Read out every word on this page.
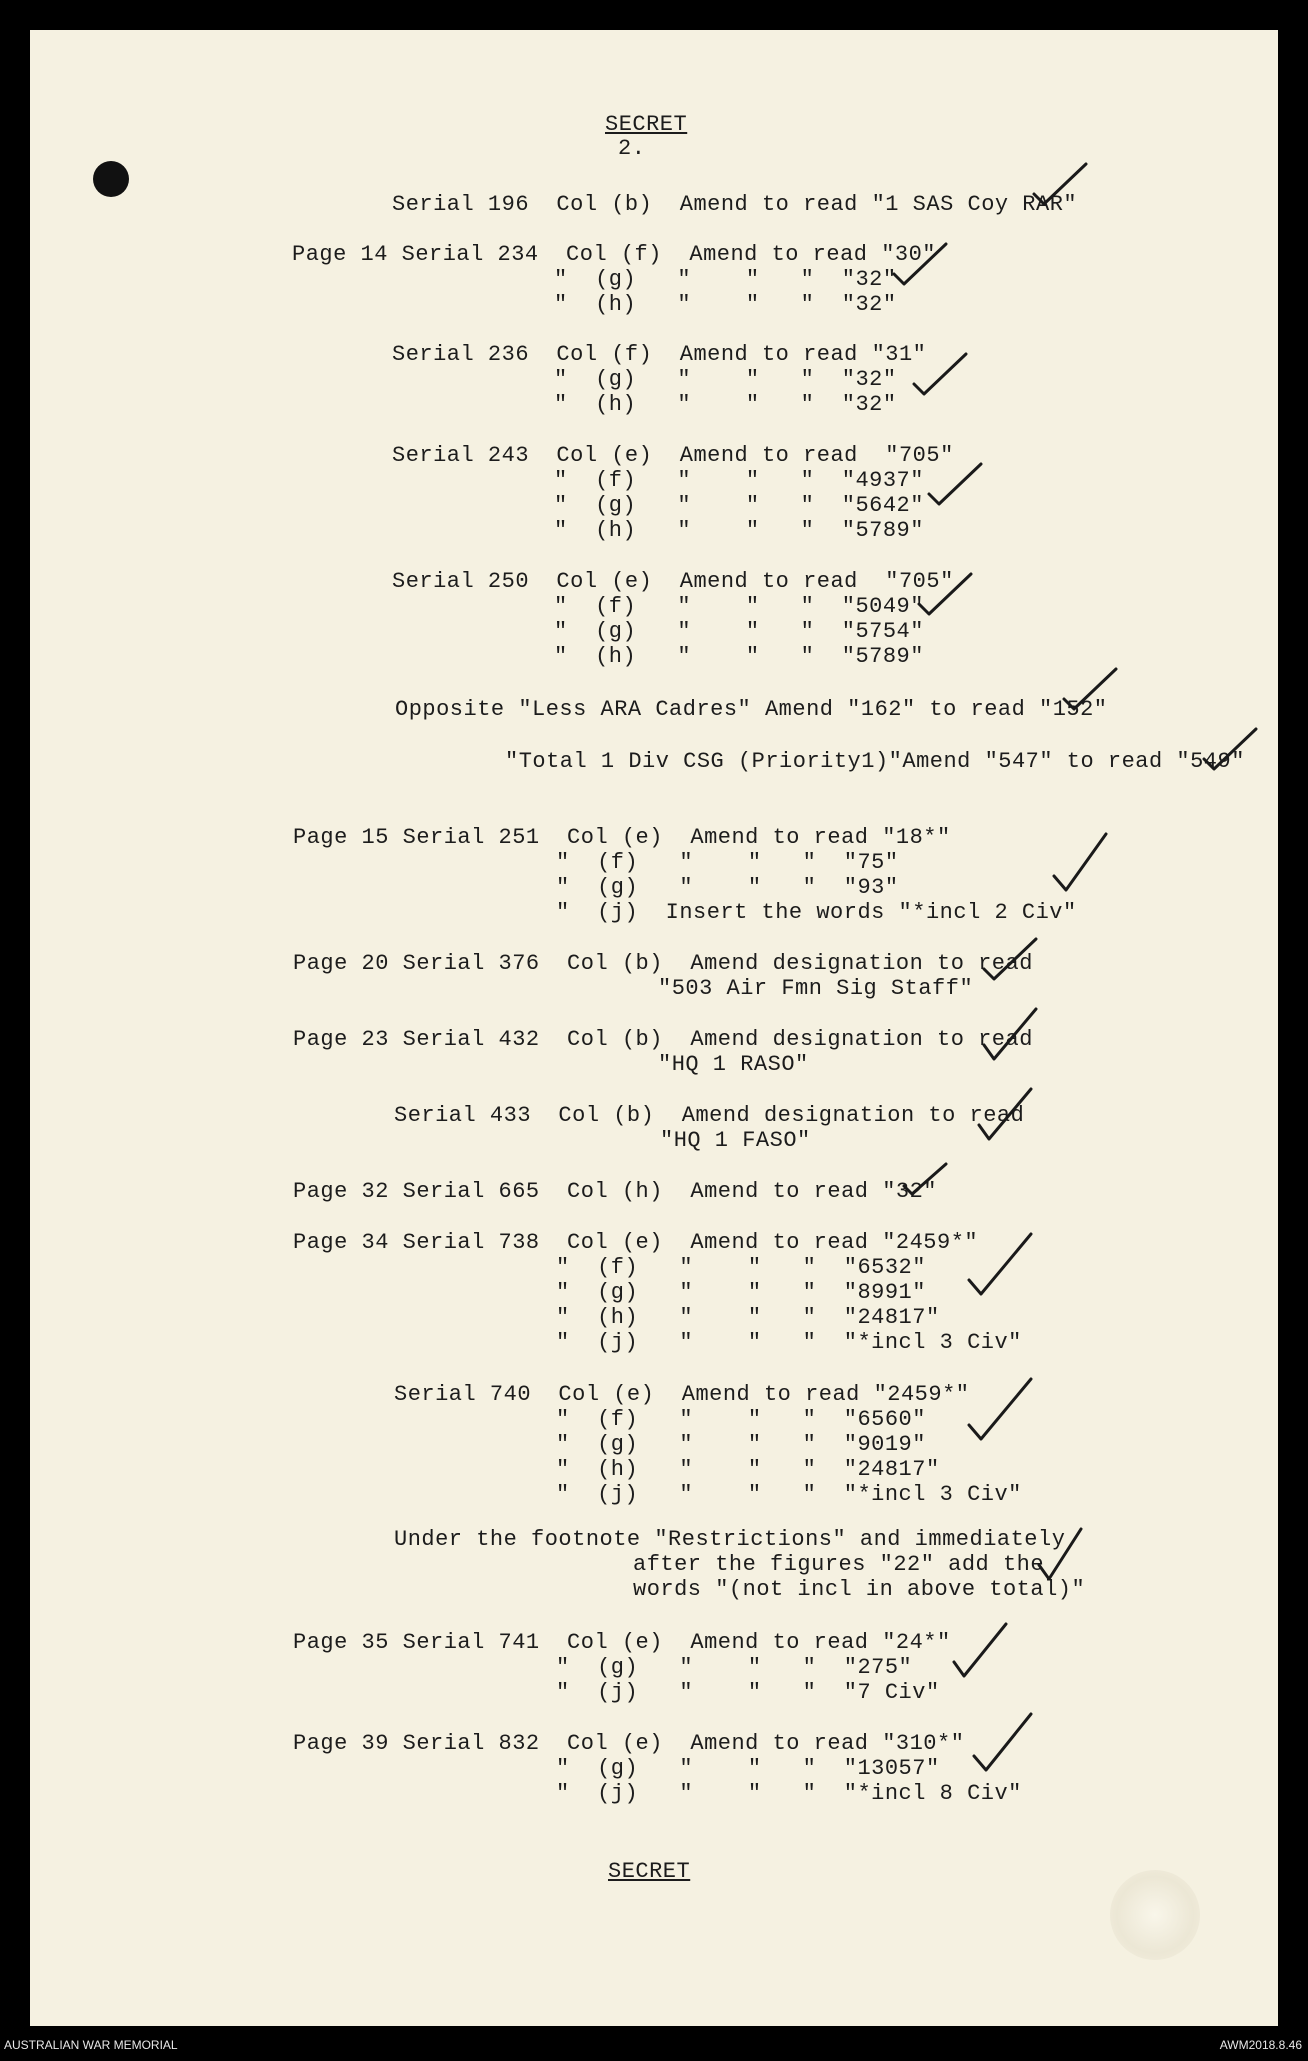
SECRET
2.
Serial 196  Col (b)  Amend to read "1 SAS Coy RAR"
Page 14 Serial 234  Col (f)  Amend to read "30"
"  (g)   "    "   "  "32"
"  (h)   "    "   "  "32"
Serial 236  Col (f)  Amend to read "31"
"  (g)   "    "   "  "32"
"  (h)   "    "   "  "32"
Serial 243  Col (e)  Amend to read  "705"
"  (f)   "    "   "  "4937"
"  (g)   "    "   "  "5642"
"  (h)   "    "   "  "5789"
Serial 250  Col (e)  Amend to read  "705"
"  (f)   "    "   "  "5049"
"  (g)   "    "   "  "5754"
"  (h)   "    "   "  "5789"
Opposite "Less ARA Cadres" Amend "162" to read "152"
"Total 1 Div CSG (Priority1)"Amend "547" to read "549"
Page 15 Serial 251  Col (e)  Amend to read "18*"
"  (f)   "    "   "  "75"
"  (g)   "    "   "  "93"
"  (j)  Insert the words "*incl 2 Civ"
Page 20 Serial 376  Col (b)  Amend designation to read
"503 Air Fmn Sig Staff"
Page 23 Serial 432  Col (b)  Amend designation to read
"HQ 1 RASO"
Serial 433  Col (b)  Amend designation to read
"HQ 1 FASO"
Page 32 Serial 665  Col (h)  Amend to read "32"
Page 34 Serial 738  Col (e)  Amend to read "2459*"
"  (f)   "    "   "  "6532"
"  (g)   "    "   "  "8991"
"  (h)   "    "   "  "24817"
"  (j)   "    "   "  "*incl 3 Civ"
Serial 740  Col (e)  Amend to read "2459*"
"  (f)   "    "   "  "6560"
"  (g)   "    "   "  "9019"
"  (h)   "    "   "  "24817"
"  (j)   "    "   "  "*incl 3 Civ"
Under the footnote "Restrictions" and immediately
after the figures "22" add the
words "(not incl in above total)"
Page 35 Serial 741  Col (e)  Amend to read "24*"
"  (g)   "    "   "  "275"
"  (j)   "    "   "  "7 Civ"
Page 39 Serial 832  Col (e)  Amend to read "310*"
"  (g)   "    "   "  "13057"
"  (j)   "    "   "  "*incl 8 Civ"
SECRET
AUSTRALIAN WAR MEMORIAL	AWM2018.8.46
